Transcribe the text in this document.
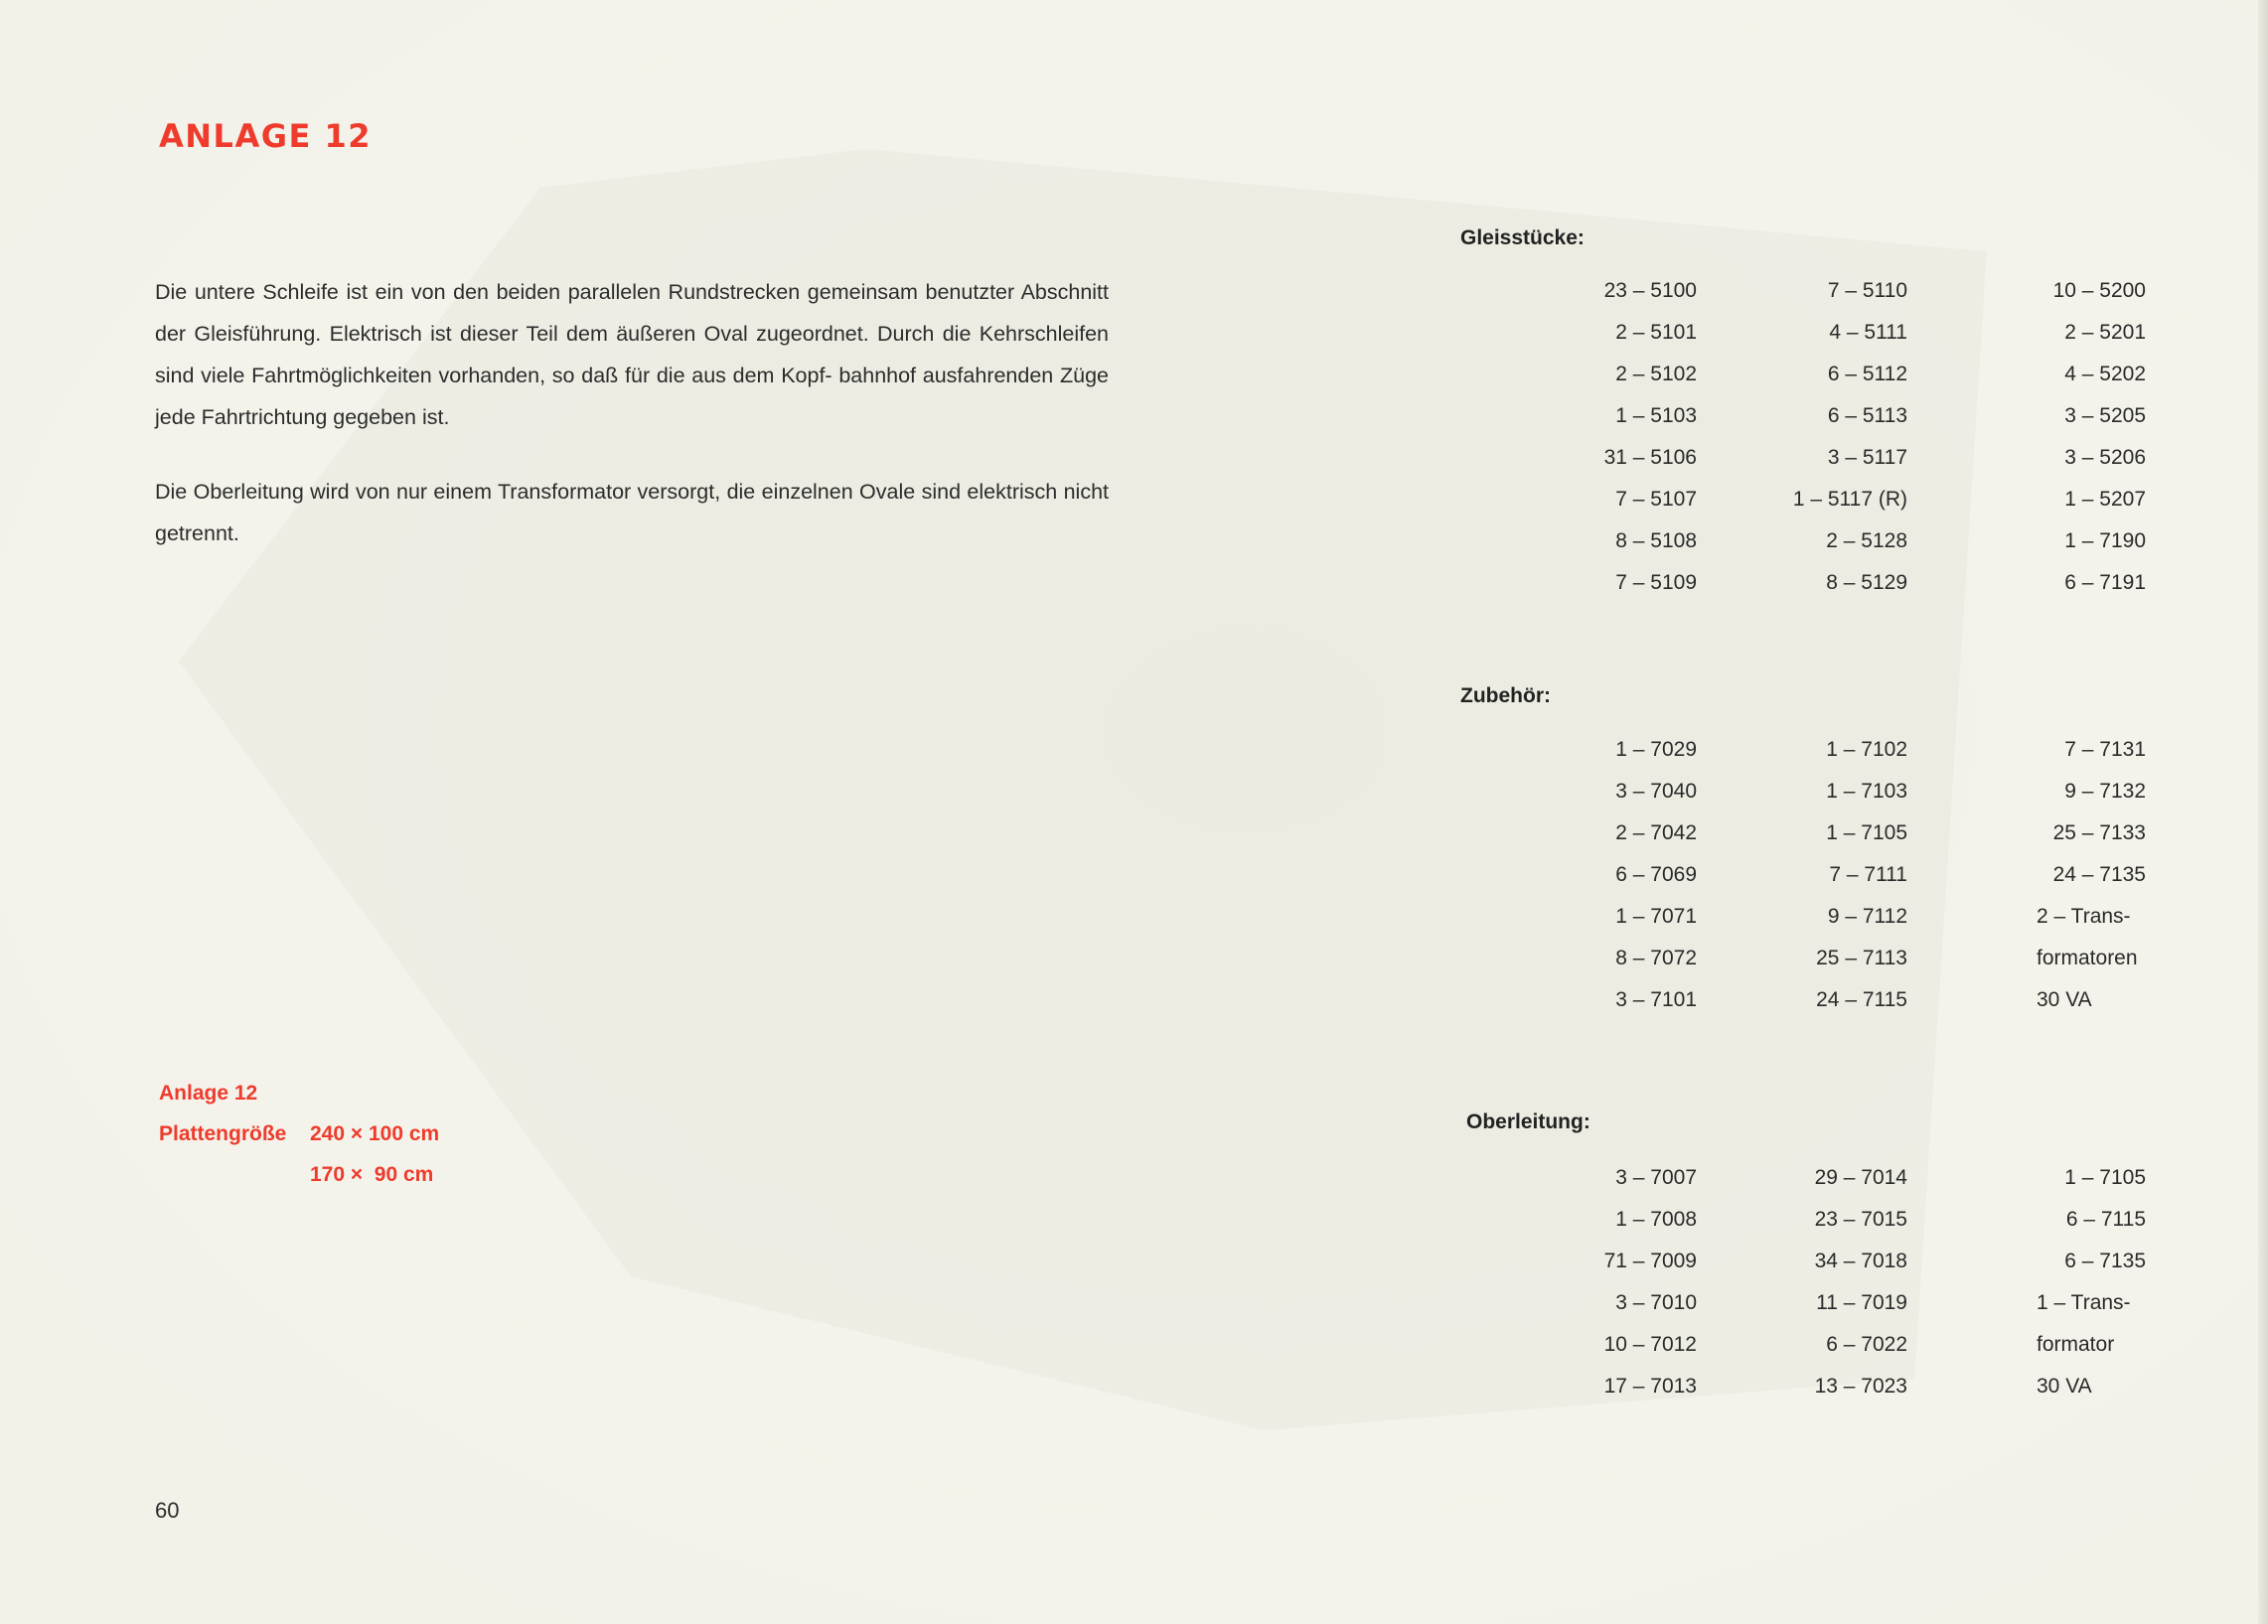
ANLAGE 12

Die untere Schleife ist ein von den beiden parallelen Rundstrecken gemeinsam benutzter Abschnitt der Gleisführung. Elektrisch ist dieser Teil dem äußeren Oval zugeordnet. Durch die Kehrschleifen sind viele Fahrtmöglichkeiten vorhanden, so daß für die aus dem Kopf- bahnhof ausfahrenden Züge jede Fahrtrichtung gegeben ist.

Die Oberleitung wird von nur einem Transformator versorgt, die einzelnen Ovale sind elektrisch nicht getrennt.

Anlage 12
Plattengröße	240 × 100 cm
170 ×  90 cm
Gleisstücke:
23 – 5100
2 – 5101
2 – 5102
1 – 5103
31 – 5106
7 – 5107
8 – 5108
7 – 5109
7 – 5110
4 – 5111
6 – 5112
6 – 5113
3 – 5117
1 – 5117 (R)
2 – 5128
8 – 5129
10 – 5200
2 – 5201
4 – 5202
3 – 5205
3 – 5206
1 – 5207
1 – 7190
6 – 7191
Zubehör:
1 – 7029
3 – 7040
2 – 7042
6 – 7069
1 – 7071
8 – 7072
3 – 7101
1 – 7102
1 – 7103
1 – 7105
7 – 7111
9 – 7112
25 – 7113
24 – 7115
7 – 7131
9 – 7132
25 – 7133
24 – 7135
2 – Trans-
formatoren
30 VA
Oberleitung:
3 – 7007
1 – 7008
71 – 7009
3 – 7010
10 – 7012
17 – 7013
29 – 7014
23 – 7015
34 – 7018
11 – 7019
6 – 7022
13 – 7023
1 – 7105
6 – 7115
6 – 7135
1 – Trans-
formator
30 VA
60
